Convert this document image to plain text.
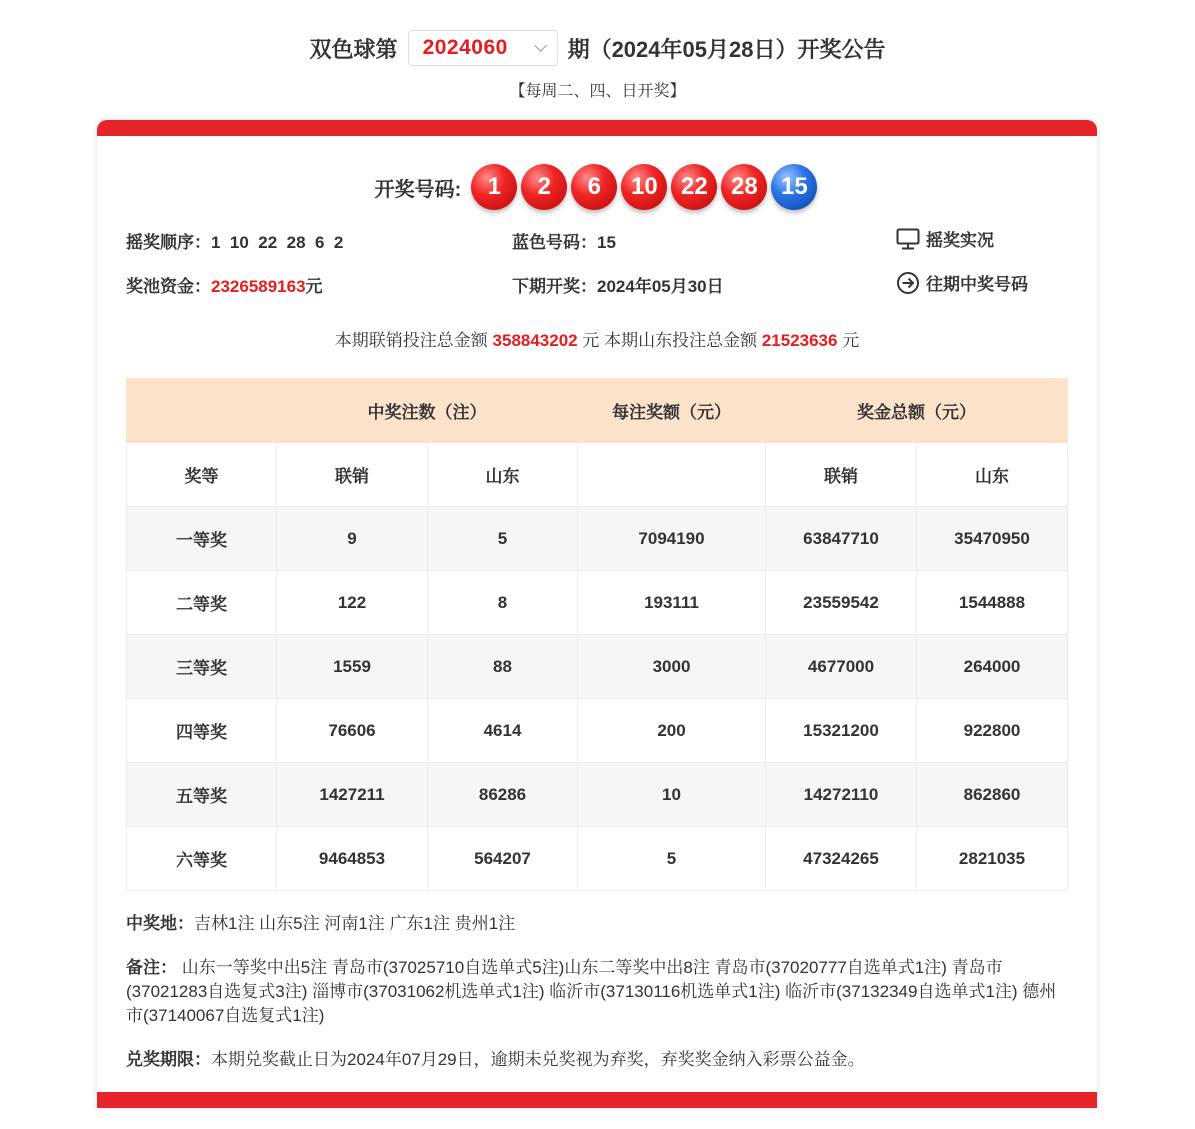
双色球第 2024060	期（2024年05月28日）开奖公告
【每周二、四、日开奖】
开奖号码:	1	2	6	10 22 28 15
摇奖顺序：1  10  22  28  6  2	蓝色号码：15	摇奖实况
奖池资金：2326589163元	下期开奖：2024年05月30日	往期中奖号码
本期联销投注总金额 358843202 元 本期山东投注总金额 21523636 元
	中奖注数（注）		每注奖额（元）	奖金总额（元）	
奖等	联销	山东		联销	山东
一等奖	9	5	7094190	63847710	35470950
二等奖	122	8	193111	23559542	1544888
三等奖	1559	88	3000	4677000	264000
四等奖	76606	4614	200	15321200	922800
五等奖	1427211	86286	10	14272110	862860
六等奖	9464853	564207	5	47324265	2821035
中奖地：吉林1注 山东5注 河南1注 广东1注 贵州1注
备注： 山东一等奖中出5注 青岛市(37025710自选单式5注)山东二等奖中出8注 青岛市(37020777自选单式1注) 青岛市(37021283自选复式3注) 淄博市(37031062机选单式1注) 临沂市(37130116机选单式1注) 临沂市(37132349自选单式1注) 德州市(37140067自选复式1注)
兑奖期限：本期兑奖截止日为2024年07月29日，逾期未兑奖视为弃奖，弃奖奖金纳入彩票公益金。
